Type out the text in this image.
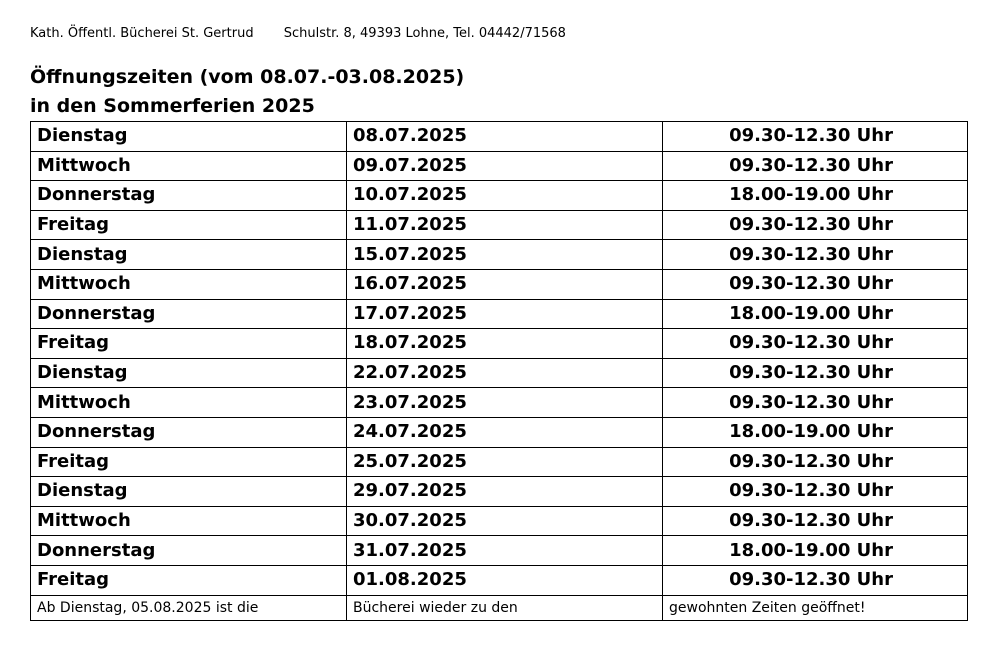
Kath. Öffentl. Bücherei St. Gertrud Schulstr. 8, 49393 Lohne, Tel. 04442/71568
Öffnungszeiten (vom 08.07.-03.08.2025)
in den Sommerferien 2025
Dienstag	08.07.2025	09.30-12.30 Uhr
Mittwoch	09.07.2025	09.30-12.30 Uhr
Donnerstag	10.07.2025	18.00-19.00 Uhr
Freitag	11.07.2025	09.30-12.30 Uhr
Dienstag	15.07.2025	09.30-12.30 Uhr
Mittwoch	16.07.2025	09.30-12.30 Uhr
Donnerstag	17.07.2025	18.00-19.00 Uhr
Freitag	18.07.2025	09.30-12.30 Uhr
Dienstag	22.07.2025	09.30-12.30 Uhr
Mittwoch	23.07.2025	09.30-12.30 Uhr
Donnerstag	24.07.2025	18.00-19.00 Uhr
Freitag	25.07.2025	09.30-12.30 Uhr
Dienstag	29.07.2025	09.30-12.30 Uhr
Mittwoch	30.07.2025	09.30-12.30 Uhr
Donnerstag	31.07.2025	18.00-19.00 Uhr
Freitag	01.08.2025	09.30-12.30 Uhr
Ab Dienstag, 05.08.2025 ist die	Bücherei wieder zu den	gewohnten Zeiten geöffnet!
